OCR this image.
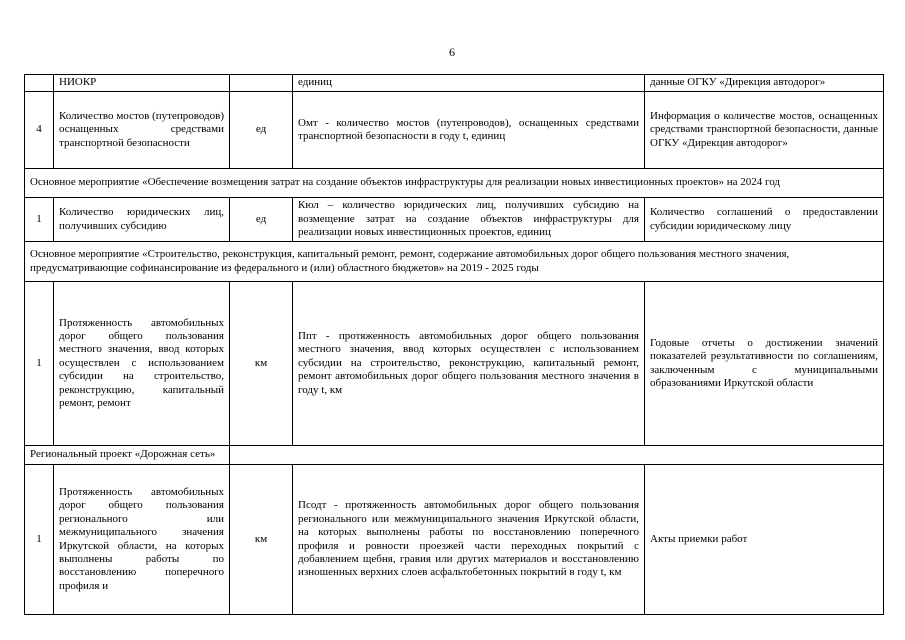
6
	НИОКР		единиц	данные ОГКУ «Дирекция автодорог»
4	Количество мостов (путепроводов) оснащенных средствами транспортной безопасности	ед	Омт - количество мостов (путепроводов), оснащенных средствами транспортной безопасности в году t, единиц	Информация о количестве мостов, оснащенных средствами транспортной безопасности, данные ОГКУ «Дирекция автодорог»
Основное мероприятие «Обеспечение возмещения затрат на создание объектов инфраструктуры для реализации новых инвестиционных проектов» на 2024 год				
1	Количество юридических лиц, получивших субсидию	ед	Кюл – количество юридических лиц, получивших субсидию на возмещение затрат на создание объектов инфраструктуры для реализации новых инвестиционных проектов, единиц	Количество соглашений о предоставлении субсидии юридическому лицу
Основное мероприятие «Строительство, реконструкция, капитальный ремонт, ремонт, содержание автомобильных дорог общего пользования местного значения, предусматривающие софинансирование из федерального и (или) областного бюджетов» на 2019 - 2025 годы				
1	Протяженность автомобильных дорог общего пользования местного значения, ввод которых осуществлен с использованием субсидии на строительство, реконструкцию, капитальный ремонт, ремонт	км	Ппт - протяженность автомобильных дорог общего пользования местного значения, ввод которых осуществлен с использованием субсидии на строительство, реконструкцию, капитальный ремонт, ремонт автомобильных дорог общего пользования местного значения в году t, км	Годовые отчеты о достижении значений показателей результативности по соглашениям, заключенным с муниципальными образованиями Иркутской области
Региональный проект «Дорожная сеть»				
1	Протяженность автомобильных дорог общего пользования регионального или межмуниципального значения Иркутской области, на которых выполнены работы по восстановлению поперечного профиля и	км	Псодт - протяженность автомобильных дорог общего пользования регионального или межмуниципального значения Иркутской области, на которых выполнены работы по восстановлению поперечного профиля и ровности проезжей части переходных покрытий с добавлением щебня, гравия или других материалов и восстановлению изношенных верхних слоев асфальтобетонных покрытий в году t, км	Акты приемки работ
